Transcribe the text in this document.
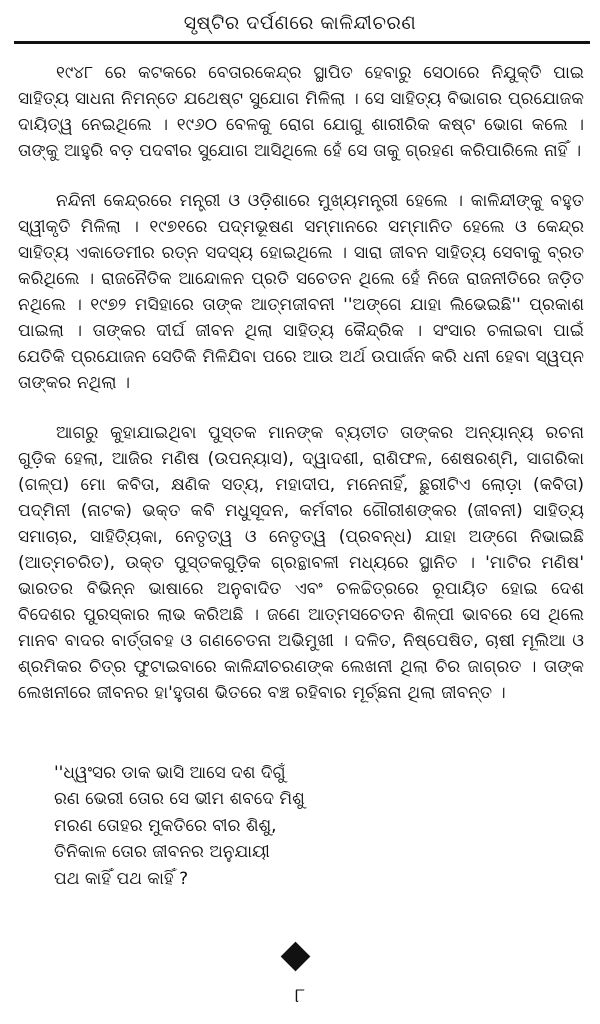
ସୃଷ୍ଟିର ଦର୍ପଣରେ କାଳିନ୍ଦୀଚରଣ

୧୯୪୮ ରେ କଟକରେ ବେତାରକେନ୍ଦ୍ର ସ୍ଥାପିତ ହେବାରୁ ସେଠାରେ ନିଯୁକ୍ତି ପାଇ ସାହିତ୍ୟ ସାଧନା ନିମନ୍ତେ ଯଥେଷ୍ଟ ସୁଯୋଗ ମିଳିଲା । ସେ ସାହିତ୍ୟ ବିଭାଗର ପ୍ରଯୋଜକ ଦାୟିତ୍ୱ ନେଇଥିଲେ । ୧୯୬୦ ବେଳକୁ ରୋଗ ଯୋଗୁ ଶାରୀରିକ କଷ୍ଟ ଭୋଗ କଲେ । ତାଙ୍କୁ ଆହୁରି ବଡ଼ ପଦବୀର ସୁଯୋଗ ଆସିଥିଲେ ହେଁ ସେ ତାକୁ ଗ୍ରହଣ କରିପାରିଲେ ନାହିଁ ।

ନନ୍ଦିନୀ କେନ୍ଦ୍ରରେ ମନ୍ତ୍ରୀ ଓ ଓଡ଼ିଶାରେ ମୁଖ୍ୟମନ୍ତ୍ରୀ ହେଲେ । କାଳିନ୍ଦୀଙ୍କୁ ବହୁତ ସ୍ୱୀକୃତି ମିଳିଲା । ୧୯୭୧ରେ ପଦ୍ମଭୂଷଣ ସମ୍ମାନରେ ସମ୍ମାନିତ ହେଲେ ଓ କେନ୍ଦ୍ର ସାହିତ୍ୟ ଏକାଡେମୀର ରତ୍ନ ସଦସ୍ୟ ହୋଇଥିଲେ । ସାରା ଜୀବନ ସାହିତ୍ୟ ସେବାକୁ ବ୍ରତ କରିଥିଲେ । ରାଜନୈତିକ ଆନ୍ଦୋଳନ ପ୍ରତି ସଚେତନ ଥିଲେ ହେଁ ନିଜେ ରାଜନୀତିରେ ଜଡ଼ିତ ନଥିଲେ । ୧୯୭୨ ମସିହାରେ ତାଙ୍କ ଆତ୍ମଜୀବନୀ ''ଅଙ୍ଗେ ଯାହା ଲିଭେଇଛି'' ପ୍ରକାଶ ପାଇଲା । ତାଙ୍କର ଦୀର୍ଘ ଜୀବନ ଥିଲା ସାହିତ୍ୟ କୈନ୍ଦ୍ରିକ । ସଂସାର ଚଳାଇବା ପାଇଁ ଯେତିକି ପ୍ରଯୋଜନ ସେତିକି ମିଳିଯିବା ପରେ ଆଉ ଅର୍ଥ ଉପାର୍ଜନ କରି ଧନୀ ହେବା ସ୍ୱପ୍ନ ତାଙ୍କର ନଥିଲା ।

ଆଗରୁ କୁହାଯାଇଥିବା ପୁସ୍ତକ ମାନଙ୍କ ବ୍ୟତୀତ ତାଙ୍କର ଅନ୍ୟାନ୍ୟ ରଚନା ଗୁଡ଼ିକ ହେଲା, ଆଜିର ମଣିଷ (ଉପନ୍ୟାସ), ଦ୍ୱାଦଶୀ, ରାଶିଫଳ, ଶେଷରଶ୍ମି, ସାଗରିକା (ଗଳ୍ପ) ମୋ କବିତା, କ୍ଷଣିକ ସତ୍ୟ, ମହାଦୀପ, ମନେନାହିଁ, ଛୁରୀଟିଏ ଲୋଡ଼ା (କବିତା) ପଦ୍ମିନୀ (ନାଟକ) ଭକ୍ତ କବି ମଧୁସୂଦନ, କର୍ମବୀର ଗୌରୀଶଙ୍କର (ଜୀବନୀ) ସାହିତ୍ୟ ସମାଚାର, ସାହିତ୍ୟିକା, ନେତୃତ୍ୱ ଓ ନେତୃତ୍ୱ (ପ୍ରବନ୍ଧ) ଯାହା ଅଙ୍ଗେ ନିଭାଇଛି (ଆତ୍ମଚରିତ), ଉକ୍ତ ପୁସ୍ତକଗୁଡ଼ିକ ଗ୍ରନ୍ଥାବଳୀ ମଧ୍ୟରେ ସ୍ଥାନିତ । 'ମାଟିର ମଣିଷ' ଭାରତର ବିଭିନ୍ନ ଭାଷାରେ ଅନୁବାଦିତ ଏବଂ ଚଳଚ୍ଚିତ୍ରରେ ରୂପାୟିତ ହୋଇ ଦେଶ ବିଦେଶର ପୁରସ୍କାର ଲାଭ କରିଅଛି । ଜଣେ ଆତ୍ମସଚେତନ ଶିଳ୍ପୀ ଭାବରେ ସେ ଥିଲେ ମାନବ ବାଦର ବାର୍ତ୍ତାବହ ଓ ଗଣଚେତନା ଅଭିମୁଖୀ । ଦଳିତ, ନିଷ୍ପେଷିତ, ଚାଷୀ ମୂଲିଆ ଓ ଶ୍ରମିକର ଚିତ୍ର ଫୁଟାଇବାରେ କାଳିନ୍ଦୀଚରଣଙ୍କ ଲେଖନୀ ଥିଲା ଚିର ଜାଗ୍ରତ । ତାଙ୍କ ଲେଖନୀରେ ଜୀବନର ହା'ହୁତାଶ ଭିତରେ ବଞ୍ଚ ରହିବାର ମୂର୍ଚ୍ଛନା ଥିଲା ଜୀବନ୍ତ ।

''ଧ୍ୱଂସର ଡାକ ଭାସି ଆସେ ଦଶ ଦିଗୁଁ
ରଣ ଭେରୀ ତୋର ସେ ଭୀମ ଶବଦେ ମିଶୁ
ମରଣ ତୋହର ମୁକତିରେ ବୀର ଶିଶୁ,
ତିନିକାଳ ତୋର ଜୀବନର ଅନୁଯାୟୀ
ପଥ କାହିଁ ପଥ କାହିଁ ?
୮
